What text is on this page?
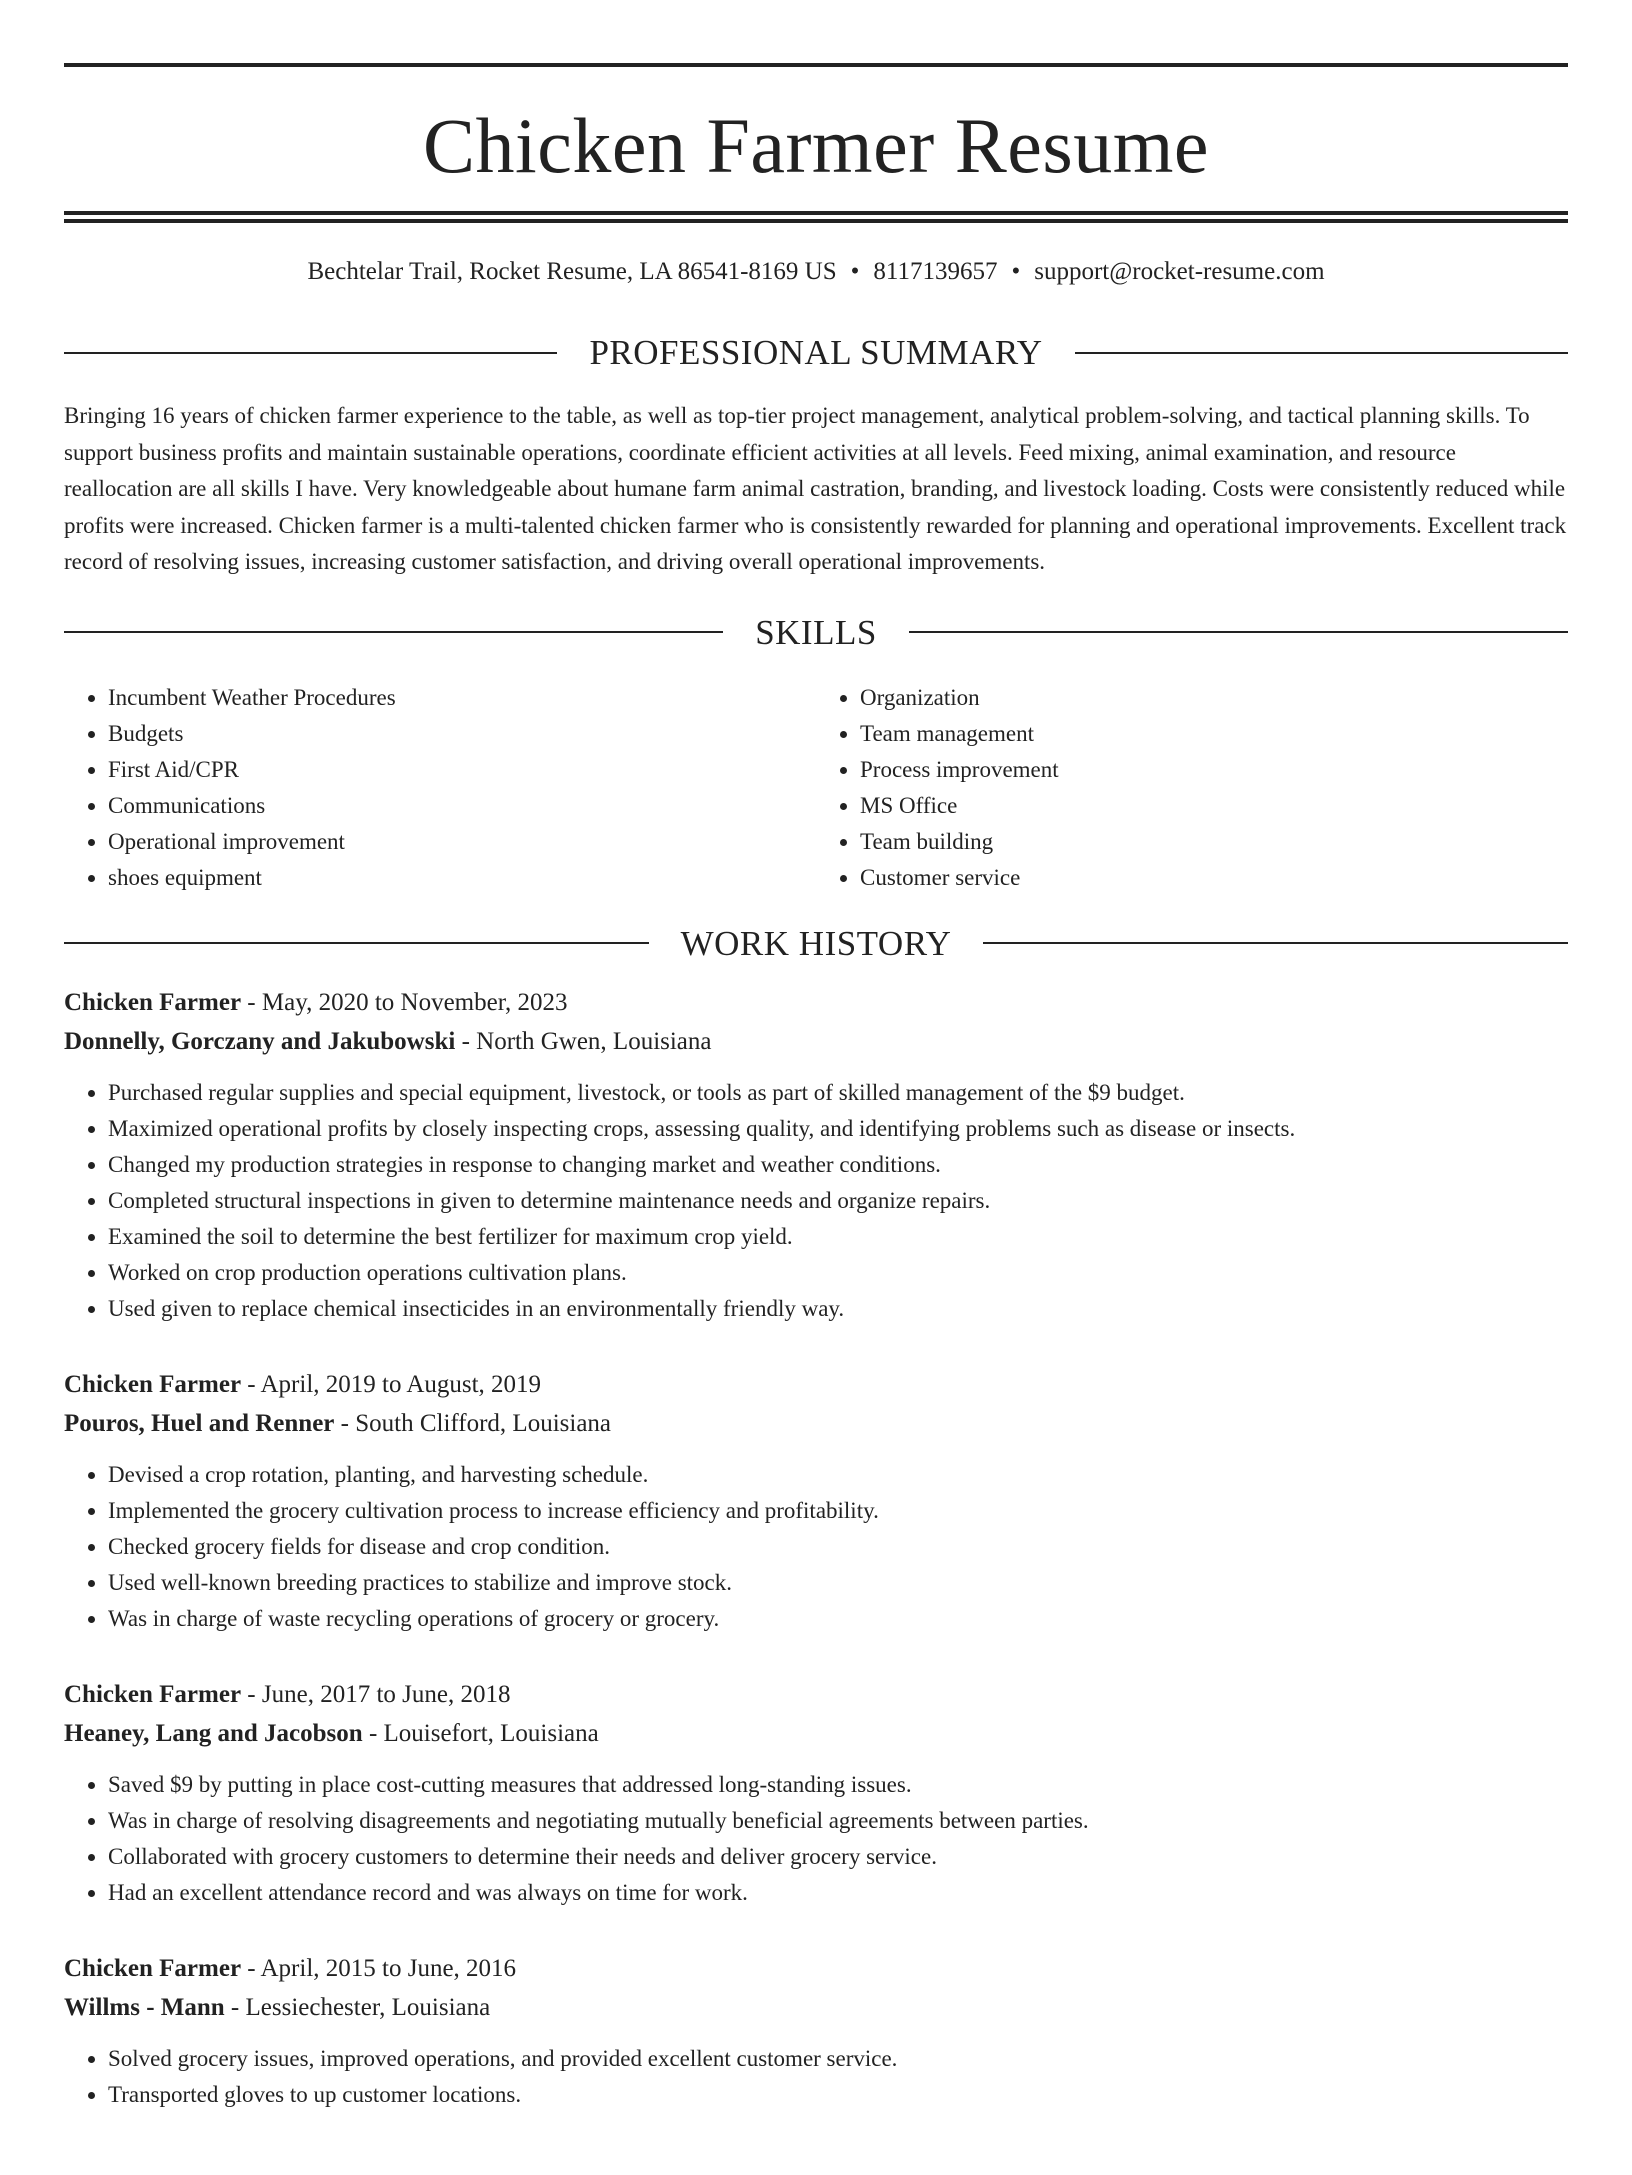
Chicken Farmer Resume
Bechtelar Trail, Rocket Resume, LA 86541-8169 US • 8117139657 • support@rocket-resume.com
PROFESSIONAL SUMMARY
Bringing 16 years of chicken farmer experience to the table, as well as top-tier project management, analytical problem-solving, and tactical planning skills. To support business profits and maintain sustainable operations, coordinate efficient activities at all levels. Feed mixing, animal examination, and resource reallocation are all skills I have. Very knowledgeable about humane farm animal castration, branding, and livestock loading. Costs were consistently reduced while profits were increased. Chicken farmer is a multi-talented chicken farmer who is consistently rewarded for planning and operational improvements. Excellent track record of resolving issues, increasing customer satisfaction, and driving overall operational improvements.
SKILLS
• Incumbent Weather Procedures
• Budgets
• First Aid/CPR
• Communications
• Operational improvement
• shoes equipment
• Organization
• Team management
• Process improvement
• MS Office
• Team building
• Customer service
WORK HISTORY
Chicken Farmer - May, 2020 to November, 2023
Donnelly, Gorczany and Jakubowski - North Gwen, Louisiana
• Purchased regular supplies and special equipment, livestock, or tools as part of skilled management of the $9 budget.
• Maximized operational profits by closely inspecting crops, assessing quality, and identifying problems such as disease or insects.
• Changed my production strategies in response to changing market and weather conditions.
• Completed structural inspections in given to determine maintenance needs and organize repairs.
• Examined the soil to determine the best fertilizer for maximum crop yield.
• Worked on crop production operations cultivation plans.
• Used given to replace chemical insecticides in an environmentally friendly way.
Chicken Farmer - April, 2019 to August, 2019
Pouros, Huel and Renner - South Clifford, Louisiana
• Devised a crop rotation, planting, and harvesting schedule.
• Implemented the grocery cultivation process to increase efficiency and profitability.
• Checked grocery fields for disease and crop condition.
• Used well-known breeding practices to stabilize and improve stock.
• Was in charge of waste recycling operations of grocery or grocery.
Chicken Farmer - June, 2017 to June, 2018
Heaney, Lang and Jacobson - Louisefort, Louisiana
• Saved $9 by putting in place cost-cutting measures that addressed long-standing issues.
• Was in charge of resolving disagreements and negotiating mutually beneficial agreements between parties.
• Collaborated with grocery customers to determine their needs and deliver grocery service.
• Had an excellent attendance record and was always on time for work.
Chicken Farmer - April, 2015 to June, 2016
Willms - Mann - Lessiechester, Louisiana
• Solved grocery issues, improved operations, and provided excellent customer service.
• Transported gloves to up customer locations.
